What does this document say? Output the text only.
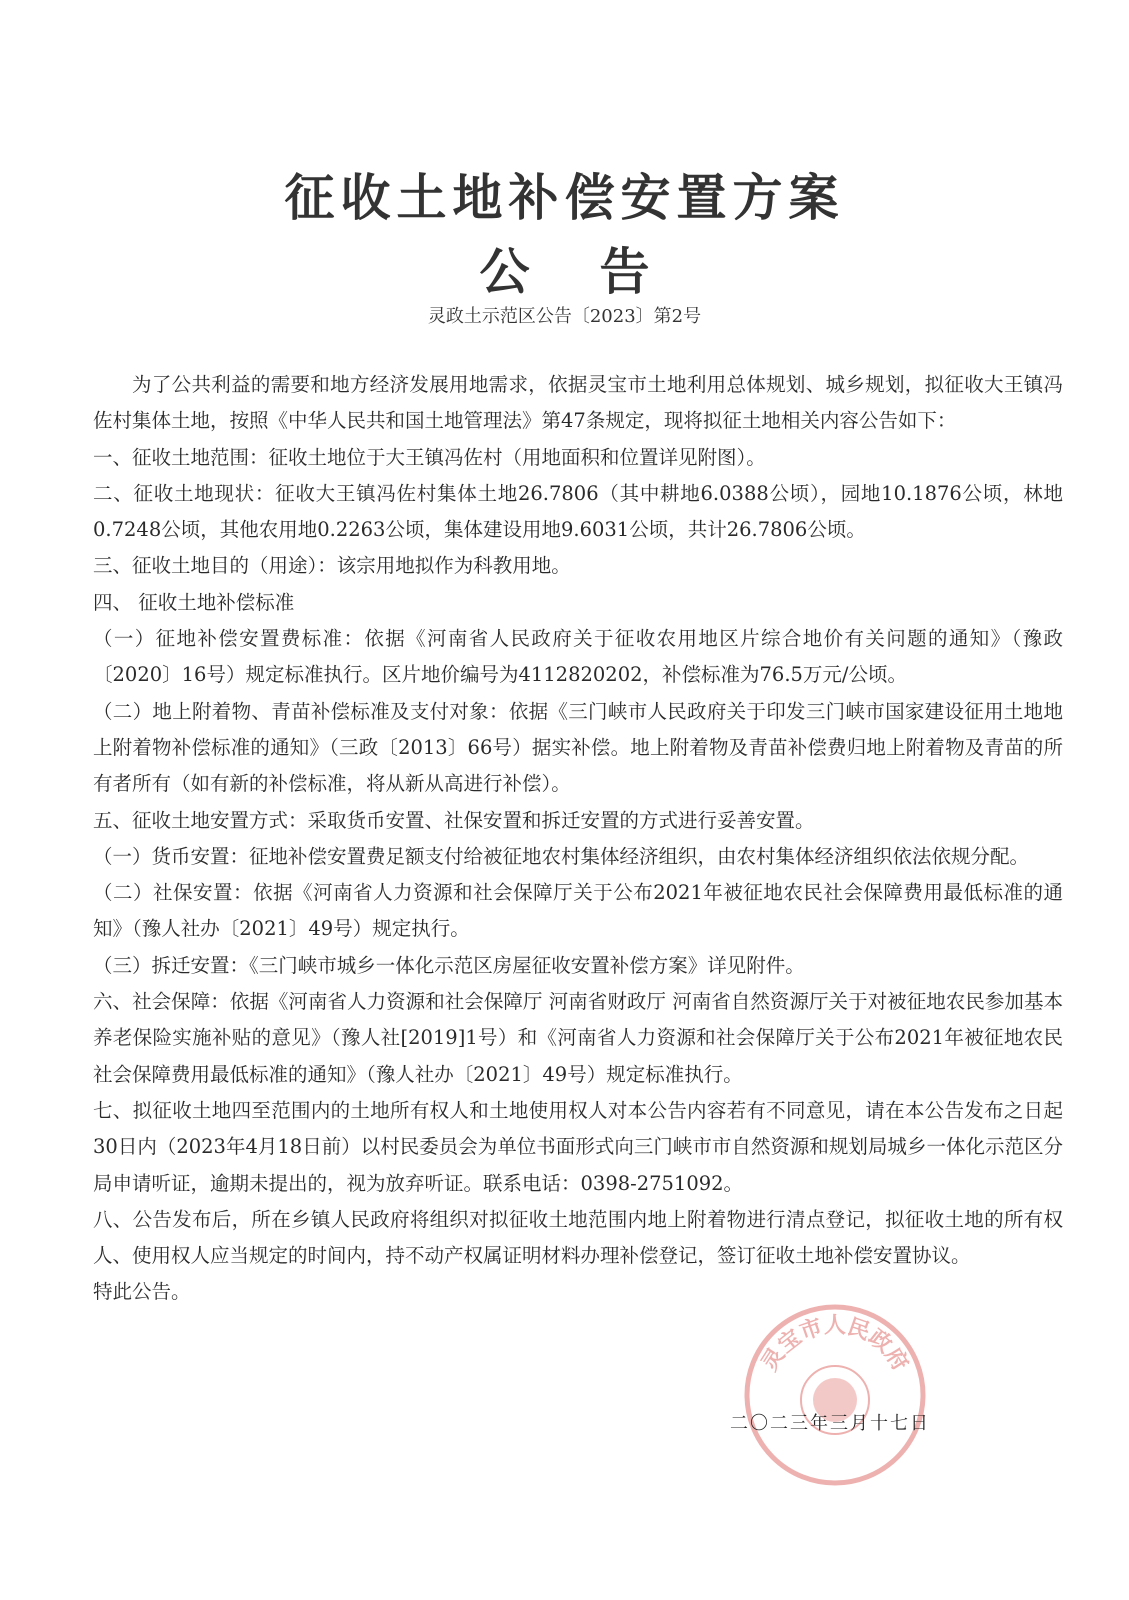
征收土地补偿安置方案
公告
灵政土示范区公告〔2023〕第2号

为了公共利益的需要和地方经济发展用地需求，依据灵宝市土地利用总体规划、城乡规划，拟征收大王镇冯佐村集体土地，按照《中华人民共和国土地管理法》第47条规定，现将拟征土地相关内容公告如下：

一、征收土地范围：征收土地位于大王镇冯佐村（用地面积和位置详见附图）。

二、征收土地现状：征收大王镇冯佐村集体土地26.7806（其中耕地6.0388公顷），园地10.1876公顷，林地0.7248公顷，其他农用地0.2263公顷，集体建设用地9.6031公顷，共计26.7806公顷。

三、征收土地目的（用途）：该宗用地拟作为科教用地。

四、 征收土地补偿标准

（一）征地补偿安置费标准：依据《河南省人民政府关于征收农用地区片综合地价有关问题的通知》（豫政〔2020〕16号）规定标准执行。区片地价编号为4112820202，补偿标准为76.5万元/公顷。

（二）地上附着物、青苗补偿标准及支付对象：依据《三门峡市人民政府关于印发三门峡市国家建设征用土地地上附着物补偿标准的通知》（三政〔2013〕66号）据实补偿。地上附着物及青苗补偿费归地上附着物及青苗的所有者所有（如有新的补偿标准，将从新从高进行补偿）。

五、征收土地安置方式：采取货币安置、社保安置和拆迁安置的方式进行妥善安置。

（一）货币安置：征地补偿安置费足额支付给被征地农村集体经济组织，由农村集体经济组织依法依规分配。

（二）社保安置：依据《河南省人力资源和社会保障厅关于公布2021年被征地农民社会保障费用最低标准的通知》（豫人社办〔2021〕49号）规定执行。

（三）拆迁安置：《三门峡市城乡一体化示范区房屋征收安置补偿方案》详见附件。

六、社会保障：依据《河南省人力资源和社会保障厅 河南省财政厅 河南省自然资源厅关于对被征地农民参加基本养老保险实施补贴的意见》（豫人社[2019]1号）和《河南省人力资源和社会保障厅关于公布2021年被征地农民社会保障费用最低标准的通知》（豫人社办〔2021〕49号）规定标准执行。

七、拟征收土地四至范围内的土地所有权人和土地使用权人对本公告内容若有不同意见，请在本公告发布之日起30日内（2023年4月18日前）以村民委员会为单位书面形式向三门峡市市自然资源和规划局城乡一体化示范区分局申请听证，逾期未提出的，视为放弃听证。联系电话：0398-2751092。

八、公告发布后，所在乡镇人民政府将组织对拟征收土地范围内地上附着物进行清点登记，拟征收土地的所有权人、使用权人应当规定的时间内，持不动产权属证明材料办理补偿登记，签订征收土地补偿安置协议。

特此公告。

灵宝市人民政府
二〇二三年三月十七日
